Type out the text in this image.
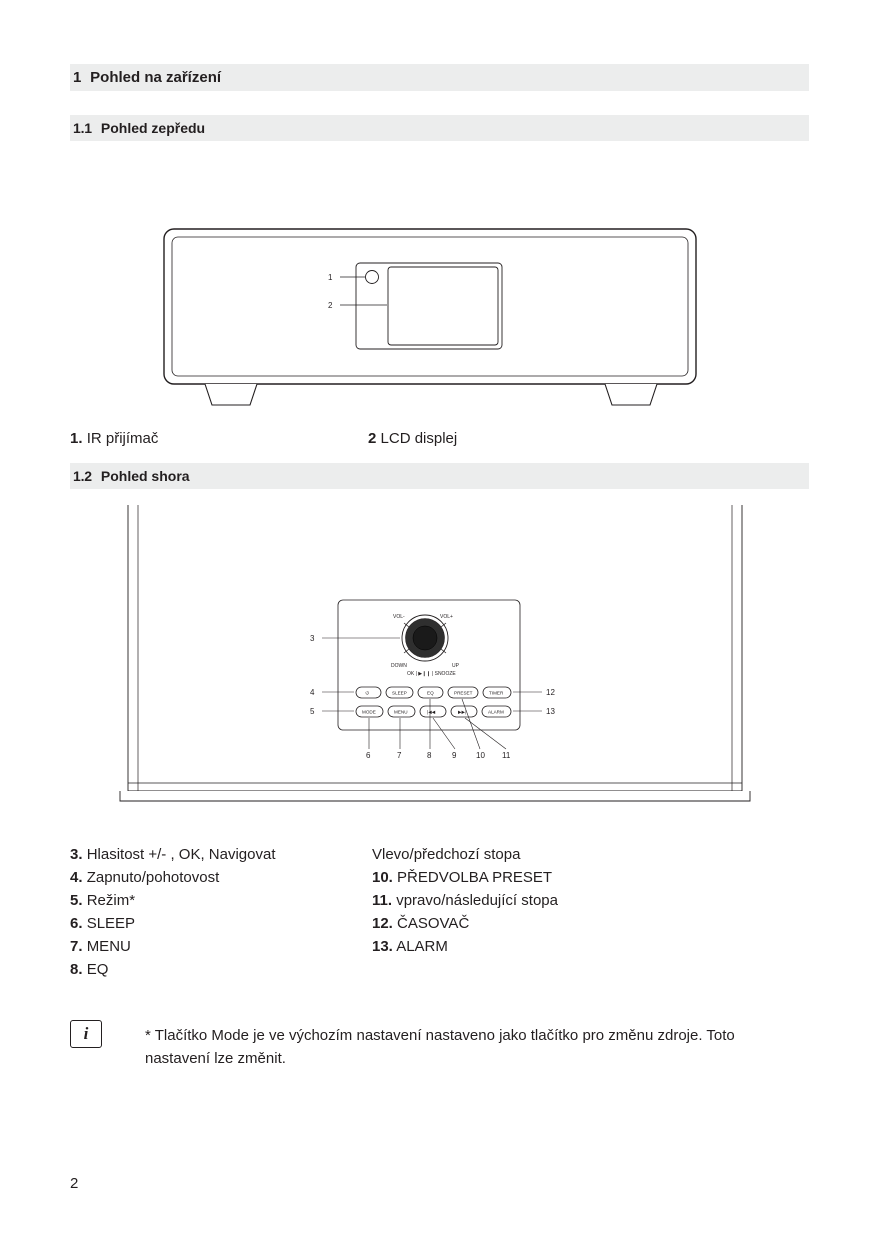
1 Pohled na zařízení
1.1 Pohled zepředu
1
2
1. IR přijímač	2 LCD displej
1.2 Pohled shora
VOL-	VOL+
DOWN	UP
OK | ▶❙❙ | SNOOZE
⏻	SLEEP	EQ	PRESET	TIMER
MODE	MENU	|◀◀	▶▶|	ALARM
3
4
5
12
13
6	7	8	9 10 11
3. Hlasitost +/- , OK, Navigovat
4. Zapnuto/pohotovost
5. Režim*
6. SLEEP
7. MENU
8. EQ
Vlevo/předchozí stopa
10. PŘEDVOLBA PRESET
11. vpravo/následující stopa
12. ČASOVAČ
13. ALARM
i	* Tlačítko Mode je ve výchozím nastavení nastaveno jako tlačítko pro změnu zdroje. Toto nastavení lze změnit.
2
